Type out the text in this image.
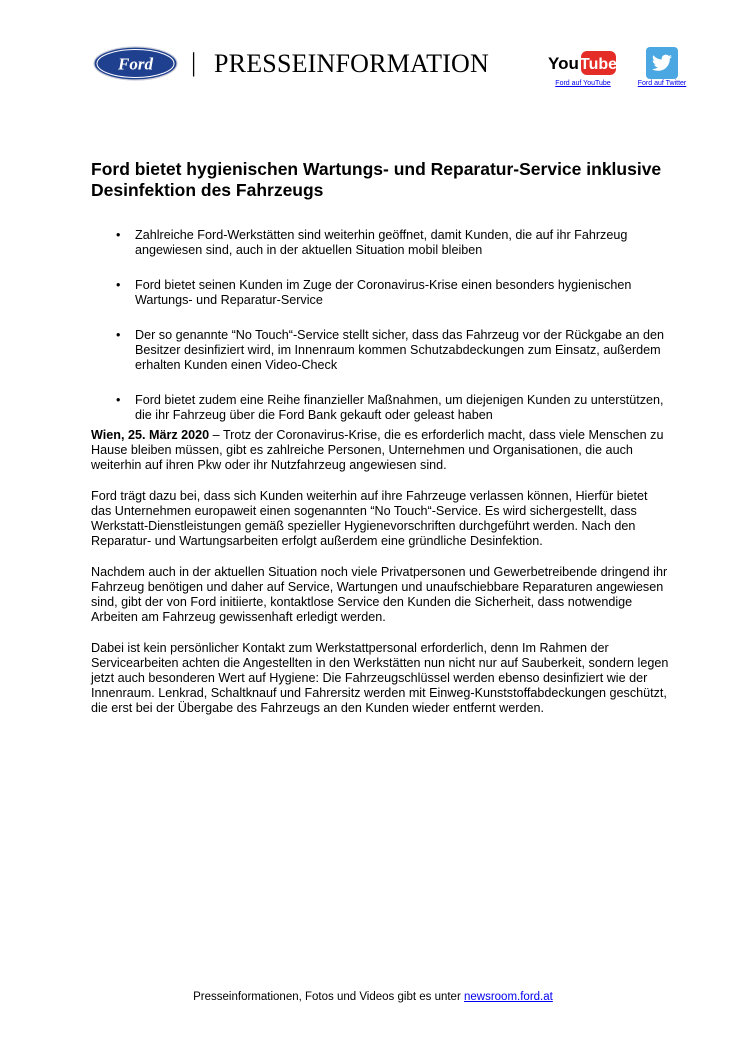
Ford | PRESSEINFORMATION	You Tube
Ford auf YouTube	Ford auf Twitter
Ford bietet hygienischen Wartungs- und Reparatur-Service inklusive Desinfektion des Fahrzeugs
• Zahlreiche Ford-Werkstätten sind weiterhin geöffnet, damit Kunden, die auf ihr Fahrzeug angewiesen sind, auch in der aktuellen Situation mobil bleiben
• Ford bietet seinen Kunden im Zuge der Coronavirus-Krise einen besonders hygienischen Wartungs- und Reparatur-Service
• Der so genannte “No Touch“-Service stellt sicher, dass das Fahrzeug vor der Rückgabe an den Besitzer desinfiziert wird, im Innenraum kommen Schutzabdeckungen zum Einsatz, außerdem erhalten Kunden einen Video-Check
• Ford bietet zudem eine Reihe finanzieller Maßnahmen, um diejenigen Kunden zu unterstützen, die ihr Fahrzeug über die Ford Bank gekauft oder geleast haben

Wien, 25. März 2020 – Trotz der Coronavirus-Krise, die es erforderlich macht, dass viele Menschen zu Hause bleiben müssen, gibt es zahlreiche Personen, Unternehmen und Organisationen, die auch weiterhin auf ihren Pkw oder ihr Nutzfahrzeug angewiesen sind.

Ford trägt dazu bei, dass sich Kunden weiterhin auf ihre Fahrzeuge verlassen können, Hierfür bietet das Unternehmen europaweit einen sogenannten “No Touch“-Service. Es wird sichergestellt, dass Werkstatt-Dienstleistungen gemäß spezieller Hygienevorschriften durchgeführt werden. Nach den Reparatur- und Wartungsarbeiten erfolgt außerdem eine gründliche Desinfektion.

Nachdem auch in der aktuellen Situation noch viele Privatpersonen und Gewerbetreibende dringend ihr Fahrzeug benötigen und daher auf Service, Wartungen und unaufschiebbare Reparaturen angewiesen sind, gibt der von Ford initiierte, kontaktlose Service den Kunden die Sicherheit, dass notwendige Arbeiten am Fahrzeug gewissenhaft erledigt werden.

Dabei ist kein persönlicher Kontakt zum Werkstattpersonal erforderlich, denn Im Rahmen der Servicearbeiten achten die Angestellten in den Werkstätten nun nicht nur auf Sauberkeit, sondern legen jetzt auch besonderen Wert auf Hygiene: Die Fahrzeugschlüssel werden ebenso desinfiziert wie der Innenraum. Lenkrad, Schaltknauf und Fahrersitz werden mit Einweg-Kunststoffabdeckungen geschützt, die erst bei der Übergabe des Fahrzeugs an den Kunden wieder entfernt werden.

Presseinformationen, Fotos und Videos gibt es unter newsroom.ford.at
